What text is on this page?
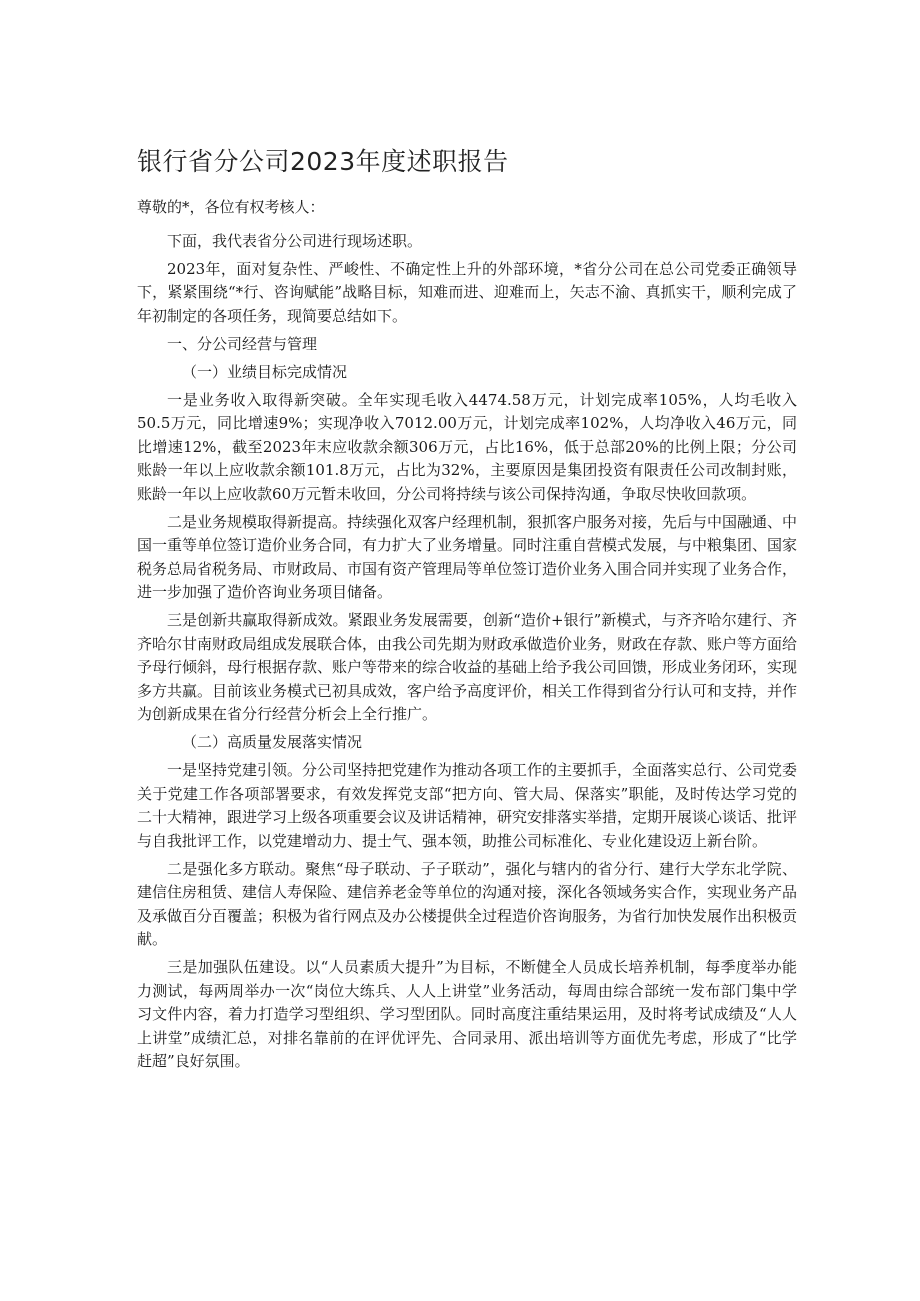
银行省分公司2023年度述职报告

尊敬的*，各位有权考核人：

下面，我代表省分公司进行现场述职。

2023年，面对复杂性、严峻性、不确定性上升的外部环境，*省分公司在总公司党委正确领导下，紧紧围绕“*行、咨询赋能”战略目标，知难而进、迎难而上，矢志不渝、真抓实干，顺利完成了年初制定的各项任务，现简要总结如下。

一、分公司经营与管理

（一）业绩目标完成情况

一是业务收入取得新突破。全年实现毛收入4474.58万元，计划完成率105%，人均毛收入50.5万元，同比增速9%；实现净收入7012.00万元，计划完成率102%，人均净收入46万元，同比增速12%，截至2023年末应收款余额306万元，占比16%，低于总部20%的比例上限；分公司账龄一年以上应收款余额101.8万元，占比为32%，主要原因是集团投资有限责任公司改制封账，账龄一年以上应收款60万元暂未收回，分公司将持续与该公司保持沟通，争取尽快收回款项。

二是业务规模取得新提高。持续强化双客户经理机制，狠抓客户服务对接，先后与中国融通、中国一重等单位签订造价业务合同，有力扩大了业务增量。同时注重自营模式发展，与中粮集团、国家税务总局省税务局、市财政局、市国有资产管理局等单位签订造价业务入围合同并实现了业务合作，进一步加强了造价咨询业务项目储备。

三是创新共赢取得新成效。紧跟业务发展需要，创新“造价+银行”新模式，与齐齐哈尔建行、齐齐哈尔甘南财政局组成发展联合体，由我公司先期为财政承做造价业务，财政在存款、账户等方面给予母行倾斜，母行根据存款、账户等带来的综合收益的基础上给予我公司回馈，形成业务闭环，实现多方共赢。目前该业务模式已初具成效，客户给予高度评价，相关工作得到省分行认可和支持，并作为创新成果在省分行经营分析会上全行推广。

（二）高质量发展落实情况

一是坚持党建引领。分公司坚持把党建作为推动各项工作的主要抓手，全面落实总行、公司党委关于党建工作各项部署要求，有效发挥党支部“把方向、管大局、保落实”职能，及时传达学习党的二十大精神，跟进学习上级各项重要会议及讲话精神，研究安排落实举措，定期开展谈心谈话、批评与自我批评工作，以党建增动力、提士气、强本领，助推公司标准化、专业化建设迈上新台阶。

二是强化多方联动。聚焦“母子联动、子子联动”，强化与辖内的省分行、建行大学东北学院、建信住房租赁、建信人寿保险、建信养老金等单位的沟通对接，深化各领域务实合作，实现业务产品及承做百分百覆盖；积极为省行网点及办公楼提供全过程造价咨询服务，为省行加快发展作出积极贡献。

三是加强队伍建设。以“人员素质大提升”为目标，不断健全人员成长培养机制，每季度举办能力测试，每两周举办一次“岗位大练兵、人人上讲堂”业务活动，每周由综合部统一发布部门集中学习文件内容，着力打造学习型组织、学习型团队。同时高度注重结果运用，及时将考试成绩及“人人上讲堂”成绩汇总，对排名靠前的在评优评先、合同录用、派出培训等方面优先考虑，形成了“比学赶超”良好氛围。
